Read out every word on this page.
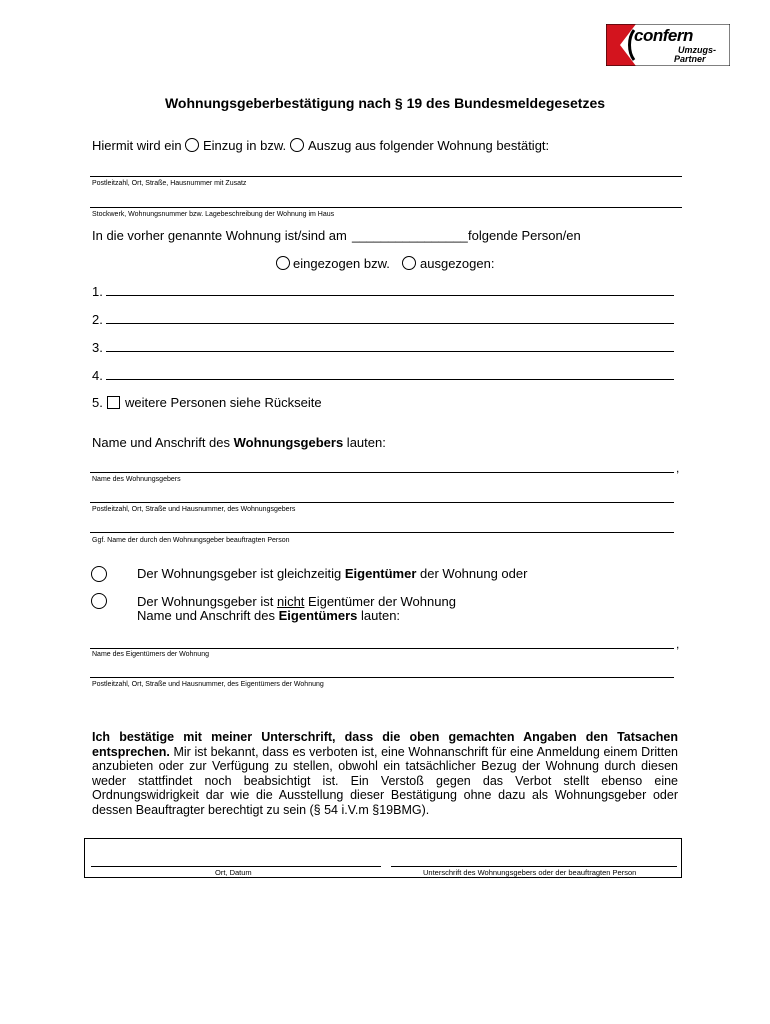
confern
Umzugs-
Partner
Wohnungsgeberbestätigung nach § 19 des Bundesmeldegesetzes
Hiermit wird ein Einzug in bzw. Auszug aus folgender Wohnung bestätigt:
Postleitzahl, Ort, Straße, Hausnummer mit Zusatz
Stockwerk, Wohnungsnummer bzw. Lagebeschreibung der Wohnung im Haus
In die vorher genannte Wohnung ist/sind am ________________ folgende Person/en
eingezogen bzw. ausgezogen:
1.
2.
3.
4.
5. weitere Personen siehe Rückseite
Name und Anschrift des Wohnungsgebers lauten:
,
Name des Wohnungsgebers
Postleitzahl, Ort, Straße und Hausnummer, des Wohnungsgebers
Ggf. Name der durch den Wohnungsgeber beauftragten Person
Der Wohnungsgeber ist gleichzeitig Eigentümer der Wohnung oder
Der Wohnungsgeber ist nicht Eigentümer der Wohnung
Name und Anschrift des Eigentümers lauten:
,
Name des Eigentümers der Wohnung
Postleitzahl, Ort, Straße und Hausnummer, des Eigentümers der Wohnung
Ich bestätige mit meiner Unterschrift, dass die oben gemachten Angaben den Tatsachen entsprechen. Mir ist bekannt, dass es verboten ist, eine Wohnanschrift für eine Anmeldung einem Dritten anzubieten oder zur Verfügung zu stellen, obwohl ein tatsächlicher Bezug der Wohnung durch diesen weder stattfindet noch beabsichtigt ist. Ein Verstoß gegen das Verbot stellt ebenso eine Ordnungswidrigkeit dar wie die Ausstellung dieser Bestätigung ohne dazu als Wohnungsgeber oder dessen Beauftragter berechtigt zu sein (§ 54 i.V.m §19BMG).
Ort, Datum	Unterschrift des Wohnungsgebers oder der beauftragten Person
